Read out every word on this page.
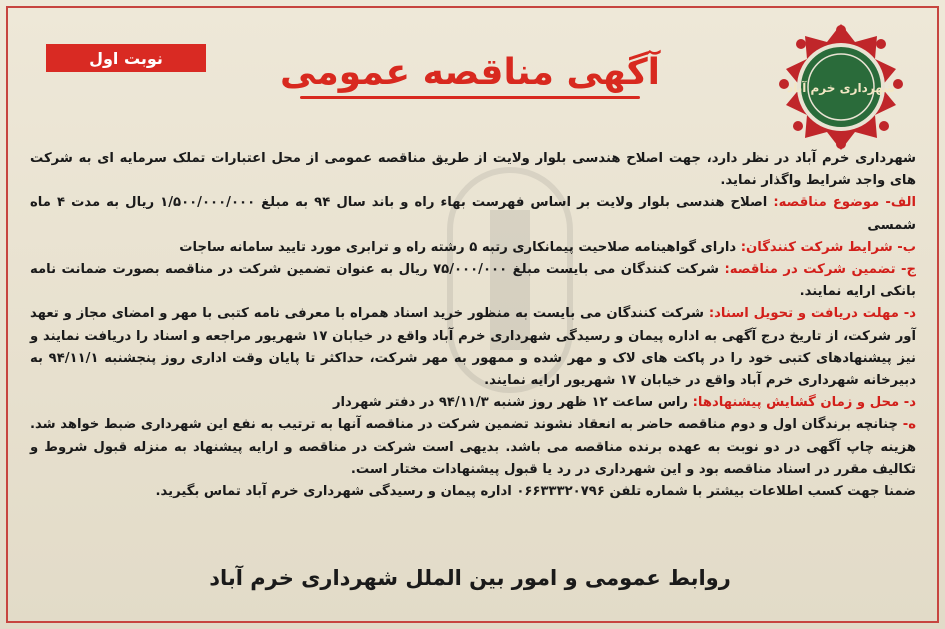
شهرداری خرم آباد
نوبت اول	آگهی مناقصه عمومی

شهرداری خرم آباد در نظر دارد، جهت اصلاح هندسی بلوار ولایت از طریق مناقصه عمومی از محل اعتبارات تملک سرمایه ای به شرکت های واجد شرایط واگذار نماید.

الف- موضوع مناقصه: اصلاح هندسی بلوار ولایت بر اساس فهرست بهاء راه و باند سال ۹۴ به مبلغ ۱/۵۰۰/۰۰۰/۰۰۰ ریال به مدت ۴ ماه شمسی

ب- شرایط شرکت کنندگان: دارای گواهینامه صلاحیت پیمانکاری رتبه ۵ رشته راه و ترابری مورد تایید سامانه ساجات

ج- تضمین شرکت در مناقصه: شرکت کنندگان می بایست مبلغ ۷۵/۰۰۰/۰۰۰ ریال به عنوان تضمین شرکت در مناقصه بصورت ضمانت نامه بانکی ارایه نمایند.

د- مهلت دریافت و تحویل اسناد: شرکت کنندگان می بایست به منظور خرید اسناد همراه با معرفی نامه کتبی با مهر و امضای مجاز و تعهد آور شرکت، از تاریخ درج آگهی به اداره پیمان و رسیدگی شهرداری خرم آباد واقع در خیابان ۱۷ شهریور مراجعه و اسناد را دریافت نمایند و نیز پیشنهادهای کتبی خود را در پاکت های لاک و مهر شده و ممهور به مهر شرکت، حداکثر تا پایان وقت اداری روز پنجشنبه ۹۴/۱۱/۱ به دبیرخانه شهرداری خرم آباد واقع در خیابان ۱۷ شهریور ارایه نمایند.

د- محل و زمان گشایش پیشنهادها: راس ساعت ۱۲ ظهر روز شنبه ۹۴/۱۱/۳ در دفتر شهردار

ه- چنانچه برندگان اول و دوم مناقصه حاضر به انعقاد نشوند تضمین شرکت در مناقصه آنها به ترتیب به نفع این شهرداری ضبط خواهد شد. هزینه چاپ آگهی در دو نوبت به عهده برنده مناقصه می باشد. بدیهی است شرکت در مناقصه و ارایه پیشنهاد به منزله قبول شروط و تکالیف مقرر در اسناد مناقصه بود و این شهرداری در رد یا قبول پیشنهادات مختار است.

ضمنا جهت کسب اطلاعات بیشتر با شماره تلفن ۰۶۶۳۳۳۲۰۷۹۶ اداره پیمان و رسیدگی شهرداری خرم آباد تماس بگیرید.

روابط عمومی و امور بین الملل شهرداری خرم آباد
